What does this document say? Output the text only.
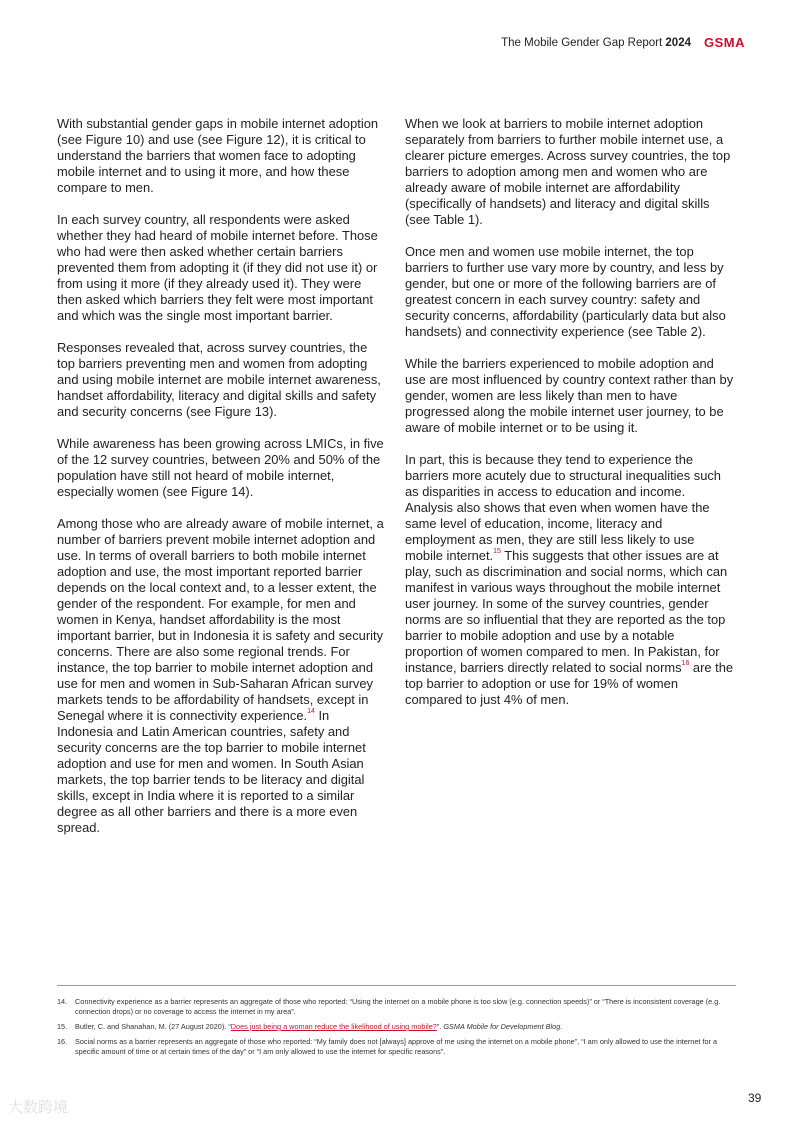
The Mobile Gender Gap Report 2024 GSMA

With substantial gender gaps in mobile internet adoption (see Figure 10) and use (see Figure 12), it is critical to understand the barriers that women face to adopting mobile internet and to using it more, and how these compare to men.

In each survey country, all respondents were asked whether they had heard of mobile internet before. Those who had were then asked whether certain barriers prevented them from adopting it (if they did not use it) or from using it more (if they already used it). They were then asked which barriers they felt were most important and which was the single most important barrier.

Responses revealed that, across survey countries, the top barriers preventing men and women from adopting and using mobile internet are mobile internet awareness, handset affordability, literacy and digital skills and safety and security concerns (see Figure 13).

While awareness has been growing across LMICs, in five of the 12 survey countries, between 20% and 50% of the population have still not heard of mobile internet, especially women (see Figure 14).

Among those who are already aware of mobile internet, a number of barriers prevent mobile internet adoption and use. In terms of overall barriers to both mobile internet adoption and use, the most important reported barrier depends on the local context and, to a lesser extent, the gender of the respondent. For example, for men and women in Kenya, handset affordability is the most important barrier, but in Indonesia it is safety and security concerns. There are also some regional trends. For instance, the top barrier to mobile internet adoption and use for men and women in Sub-Saharan African survey markets tends to be affordability of handsets, except in Senegal where it is connectivity experience.$^{14}$ In Indonesia and Latin American countries, safety and security concerns are the top barrier to mobile internet adoption and use for men and women. In South Asian markets, the top barrier tends to be literacy and digital skills, except in India where it is reported to a similar degree as all other barriers and there is a more even spread.

When we look at barriers to mobile internet adoption separately from barriers to further mobile internet use, a clearer picture emerges. Across survey countries, the top barriers to adoption among men and women who are already aware of mobile internet are affordability (specifically of handsets) and literacy and digital skills (see Table 1).

Once men and women use mobile internet, the top barriers to further use vary more by country, and less by gender, but one or more of the following barriers are of greatest concern in each survey country: safety and security concerns, affordability (particularly data but also handsets) and connectivity experience (see Table 2).

While the barriers experienced to mobile adoption and use are most influenced by country context rather than by gender, women are less likely than men to have progressed along the mobile internet user journey, to be aware of mobile internet or to be using it.

In part, this is because they tend to experience the barriers more acutely due to structural inequalities such as disparities in access to education and income. Analysis also shows that even when women have the same level of education, income, literacy and employment as men, they are still less likely to use mobile internet.$^{15}$ This suggests that other issues are at play, such as discrimination and social norms, which can manifest in various ways throughout the mobile internet user journey. In some of the survey countries, gender norms are so influential that they are reported as the top barrier to mobile adoption and use by a notable proportion of women compared to men. In Pakistan, for instance, barriers directly related to social norms$^{16}$ are the top barrier to adoption or use for 19% of women compared to just 4% of men.

14. Connectivity experience as a barrier represents an aggregate of those who reported: “Using the internet on a mobile phone is too slow (e.g. connection speeds)” or “There is inconsistent coverage (e.g. connection drops) or no coverage to access the internet in my area”.
15. Butler, C. and Shanahan, M. (27 August 2020). “Does just being a woman reduce the likelihood of using mobile?”. GSMA Mobile for Development Blog.
16. Social norms as a barrier represents an aggregate of those who reported: “My family does not [always] approve of me using the internet on a mobile phone”, “I am only allowed to use the internet for a specific amount of time or at certain times of the day” or “I am only allowed to use the internet for specific reasons”.
大数跨境
39
